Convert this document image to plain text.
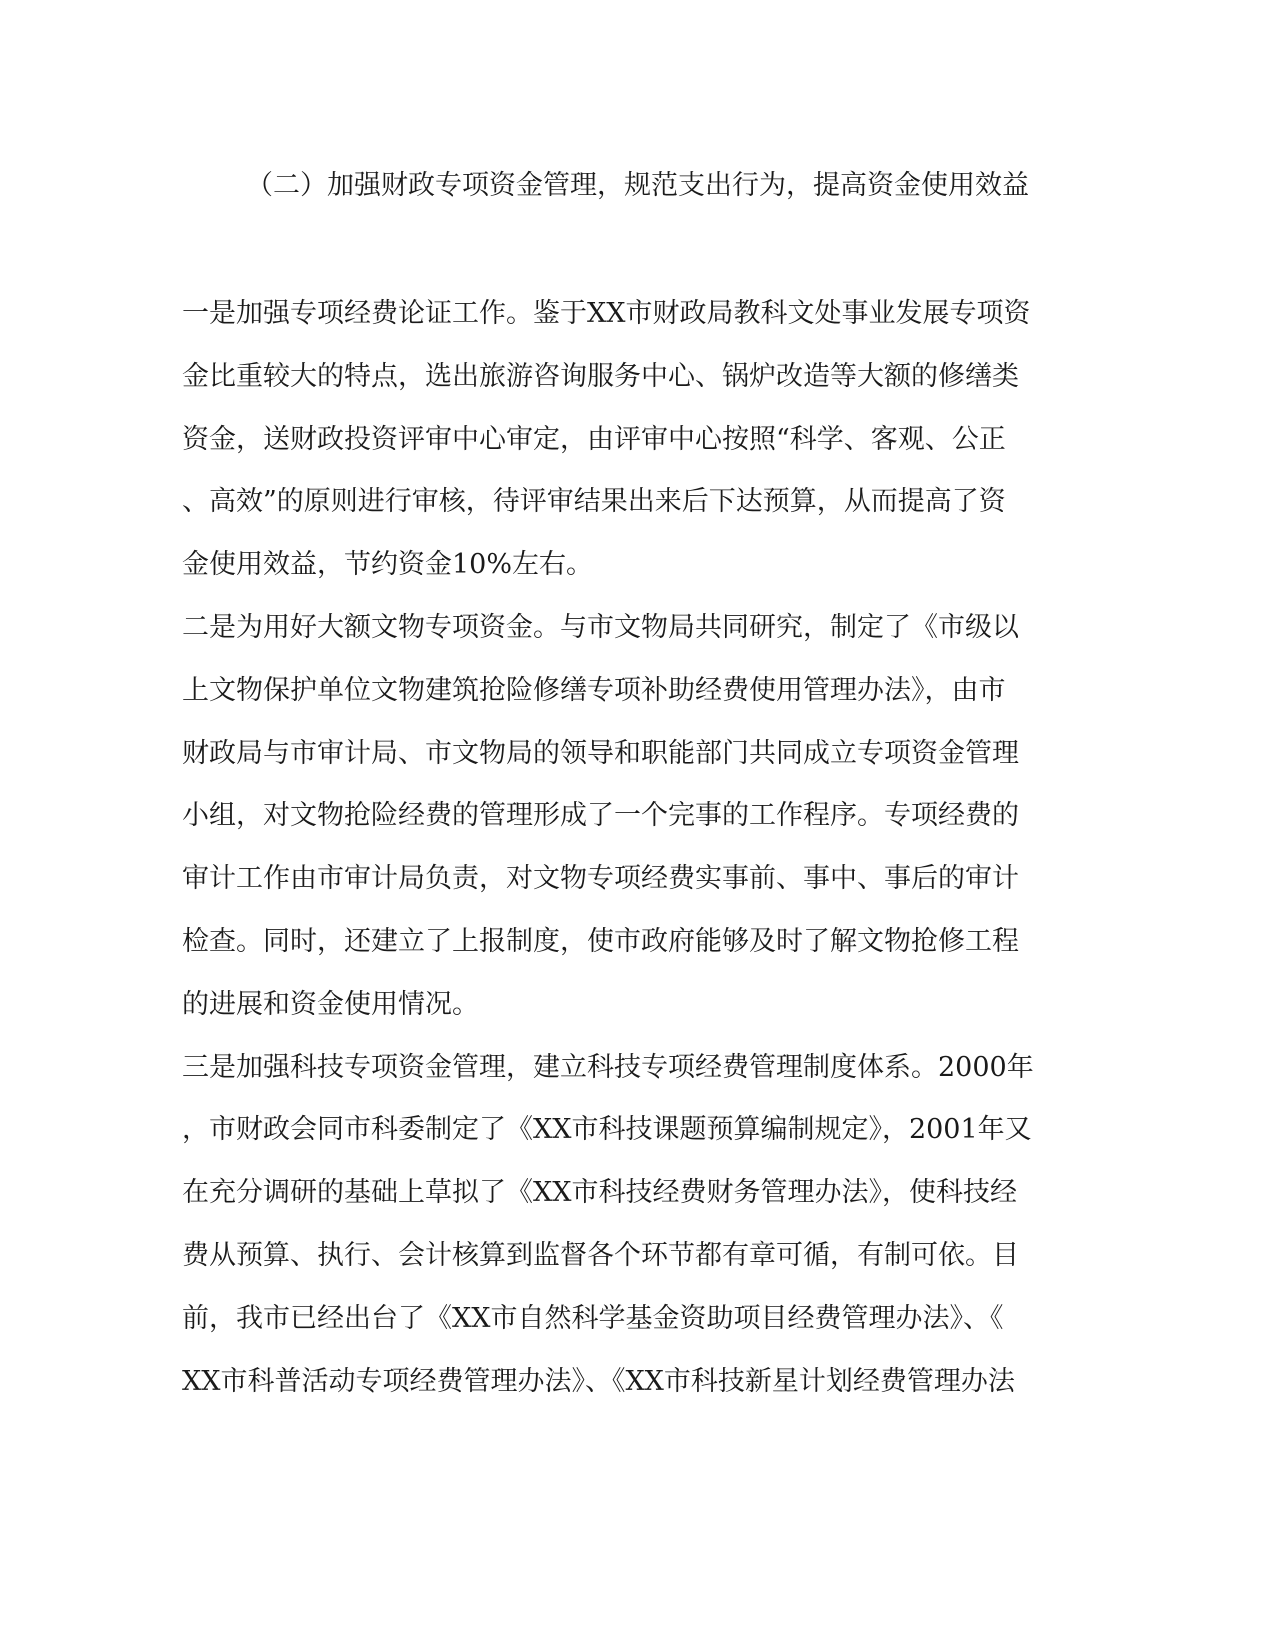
（二）加强财政专项资金管理，规范支出行为，提高资金使用效益
一是加强专项经费论证工作。鉴于XX市财政局教科文处事业发展专项资
金比重较大的特点，选出旅游咨询服务中心、锅炉改造等大额的修缮类
资金，送财政投资评审中心审定，由评审中心按照“科学、客观、公正
、高效”的原则进行审核，待评审结果出来后下达预算，从而提高了资
金使用效益，节约资金10%左右。
二是为用好大额文物专项资金。与市文物局共同研究，制定了《市级以
上文物保护单位文物建筑抢险修缮专项补助经费使用管理办法》，由市
财政局与市审计局、市文物局的领导和职能部门共同成立专项资金管理
小组，对文物抢险经费的管理形成了一个完事的工作程序。专项经费的
审计工作由市审计局负责，对文物专项经费实事前、事中、事后的审计
检查。同时，还建立了上报制度，使市政府能够及时了解文物抢修工程
的进展和资金使用情况。
三是加强科技专项资金管理，建立科技专项经费管理制度体系。2000年
，市财政会同市科委制定了《XX市科技课题预算编制规定》，2001年又
在充分调研的基础上草拟了《XX市科技经费财务管理办法》，使科技经
费从预算、执行、会计核算到监督各个环节都有章可循，有制可依。目
前，我市已经出台了《XX市自然科学基金资助项目经费管理办法》、《
XX市科普活动专项经费管理办法》、《XX市科技新星计划经费管理办法
